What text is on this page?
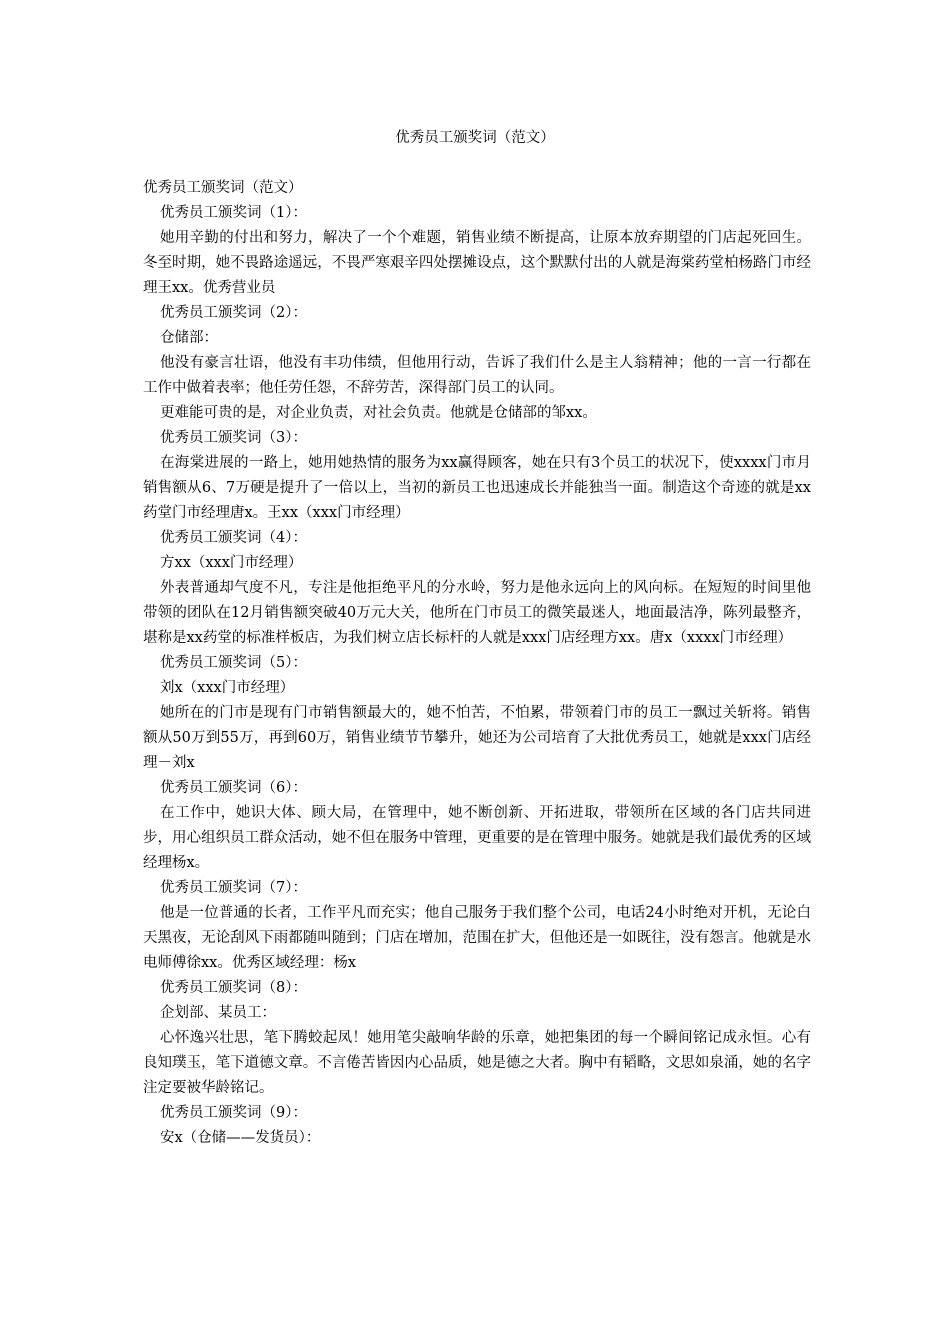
优秀员工颁奖词（范文）

优秀员工颁奖词（范文）

优秀员工颁奖词（1）：

她用辛勤的付出和努力，解决了一个个难题，销售业绩不断提高，让原本放弃期望的门店起死回生。冬至时期，她不畏路途遥远，不畏严寒艰辛四处摆摊设点，这个默默付出的人就是海棠药堂柏杨路门市经理王xx。优秀营业员

优秀员工颁奖词（2）：

仓储部：

他没有豪言壮语，他没有丰功伟绩，但他用行动，告诉了我们什么是主人翁精神；他的一言一行都在工作中做着表率；他任劳任怨，不辞劳苦，深得部门员工的认同。

更难能可贵的是，对企业负责，对社会负责。他就是仓储部的邹xx。

优秀员工颁奖词（3）：

在海棠进展的一路上，她用她热情的服务为xx赢得顾客，她在只有3个员工的状况下，使xxxx门市月销售额从6、7万硬是提升了一倍以上，当初的新员工也迅速成长并能独当一面。制造这个奇迹的就是xx药堂门市经理唐x。王xx（xxx门市经理）

优秀员工颁奖词（4）：

方xx（xxx门市经理）

外表普通却气度不凡，专注是他拒绝平凡的分水岭，努力是他永远向上的风向标。在短短的时间里他带领的团队在12月销售额突破40万元大关，他所在门市员工的微笑最迷人，地面最洁净，陈列最整齐，堪称是xx药堂的标准样板店，为我们树立店长标杆的人就是xxx门店经理方xx。唐x（xxxx门市经理）

优秀员工颁奖词（5）：

刘x（xxx门市经理）

她所在的门市是现有门市销售额最大的，她不怕苦，不怕累，带领着门市的员工一飘过关斩将。销售额从50万到55万，再到60万，销售业绩节节攀升，她还为公司培育了大批优秀员工，她就是xxx门店经理－刘x

优秀员工颁奖词（6）：

在工作中，她识大体、顾大局，在管理中，她不断创新、开拓进取，带领所在区域的各门店共同进步，用心组织员工群众活动，她不但在服务中管理，更重要的是在管理中服务。她就是我们最优秀的区域经理杨x。

优秀员工颁奖词（7）：

他是一位普通的长者，工作平凡而充实；他自己服务于我们整个公司，电话24小时绝对开机，无论白天黑夜，无论刮风下雨都随叫随到；门店在增加，范围在扩大，但他还是一如既往，没有怨言。他就是水电师傅徐xx。优秀区域经理：杨x

优秀员工颁奖词（8）：

企划部、某员工：

心怀逸兴壮思，笔下腾蛟起凤！她用笔尖敲响华龄的乐章，她把集团的每一个瞬间铭记成永恒。心有良知璞玉，笔下道德文章。不言倦苦皆因内心品质，她是德之大者。胸中有韬略，文思如泉涌，她的名字注定要被华龄铭记。

优秀员工颁奖词（9）：

安x（仓储——发货员）：
